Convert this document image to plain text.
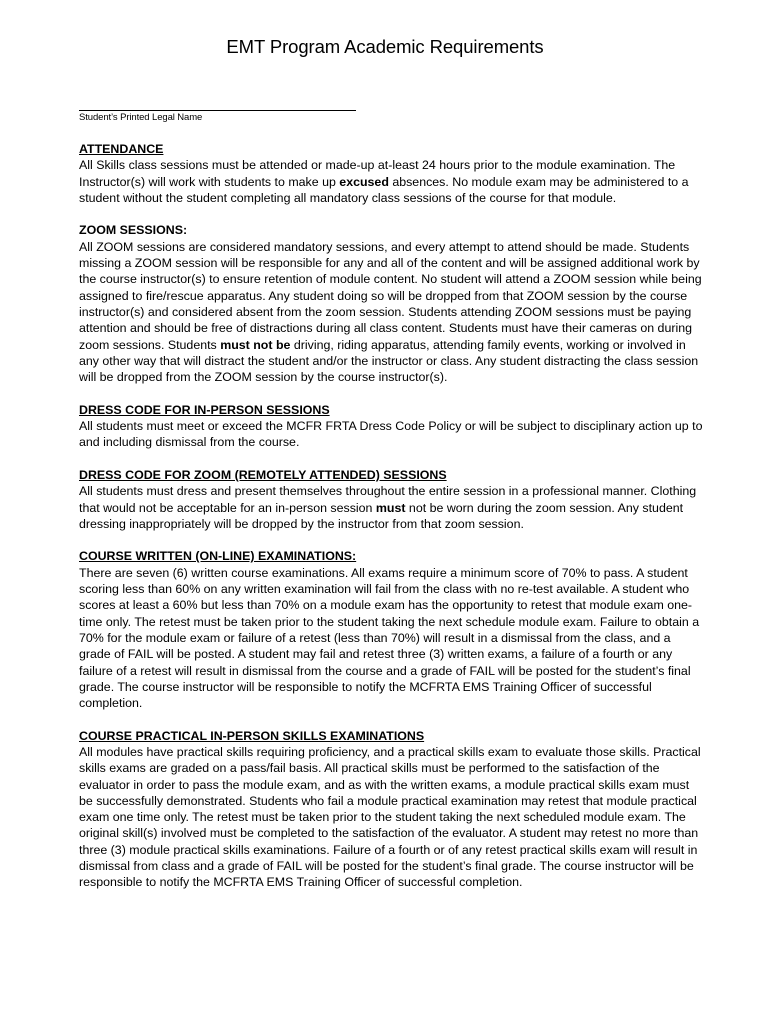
EMT Program Academic Requirements
Student’s Printed Legal Name
ATTENDANCE

All Skills class sessions must be attended or made-up at-least 24 hours prior to the module examination. The Instructor(s) will work with students to make up excused absences. No module exam may be administered to a student without the student completing all mandatory class sessions of the course for that module.

ZOOM SESSIONS:

All ZOOM sessions are considered mandatory sessions, and every attempt to attend should be made. Students missing a ZOOM session will be responsible for any and all of the content and will be assigned additional work by the course instructor(s) to ensure retention of module content. No student will attend a ZOOM session while being assigned to fire/rescue apparatus. Any student doing so will be dropped from that ZOOM session by the course instructor(s) and considered absent from the zoom session. Students attending ZOOM sessions must be paying attention and should be free of distractions during all class content. Students must have their cameras on during zoom sessions. Students must not be driving, riding apparatus, attending family events, working or involved in any other way that will distract the student and/or the instructor or class. Any student distracting the class session will be dropped from the ZOOM session by the course instructor(s).

DRESS CODE FOR IN-PERSON SESSIONS

All students must meet or exceed the MCFR FRTA Dress Code Policy or will be subject to disciplinary action up to and including dismissal from the course.

DRESS CODE FOR ZOOM (REMOTELY ATTENDED) SESSIONS

All students must dress and present themselves throughout the entire session in a professional manner. Clothing that would not be acceptable for an in-person session must not be worn during the zoom session. Any student dressing inappropriately will be dropped by the instructor from that zoom session.

COURSE WRITTEN (ON-LINE) EXAMINATIONS:

There are seven (6) written course examinations. All exams require a minimum score of 70% to pass. A student scoring less than 60% on any written examination will fail from the class with no re-test available. A student who scores at least a 60% but less than 70% on a module exam has the opportunity to retest that module exam one-time only. The retest must be taken prior to the student taking the next schedule module exam. Failure to obtain a 70% for the module exam or failure of a retest (less than 70%) will result in a dismissal from the class, and a grade of FAIL will be posted. A student may fail and retest three (3) written exams, a failure of a fourth or any failure of a retest will result in dismissal from the course and a grade of FAIL will be posted for the student’s final grade. The course instructor will be responsible to notify the MCFRTA EMS Training Officer of successful completion.

COURSE PRACTICAL IN-PERSON SKILLS EXAMINATIONS

All modules have practical skills requiring proficiency, and a practical skills exam to evaluate those skills. Practical skills exams are graded on a pass/fail basis. All practical skills must be performed to the satisfaction of the evaluator in order to pass the module exam, and as with the written exams, a module practical skills exam must be successfully demonstrated. Students who fail a module practical examination may retest that module practical exam one time only. The retest must be taken prior to the student taking the next scheduled module exam. The original skill(s) involved must be completed to the satisfaction of the evaluator. A student may retest no more than three (3) module practical skills examinations. Failure of a fourth or of any retest practical skills exam will result in dismissal from class and a grade of FAIL will be posted for the student’s final grade. The course instructor will be responsible to notify the MCFRTA EMS Training Officer of successful completion.
